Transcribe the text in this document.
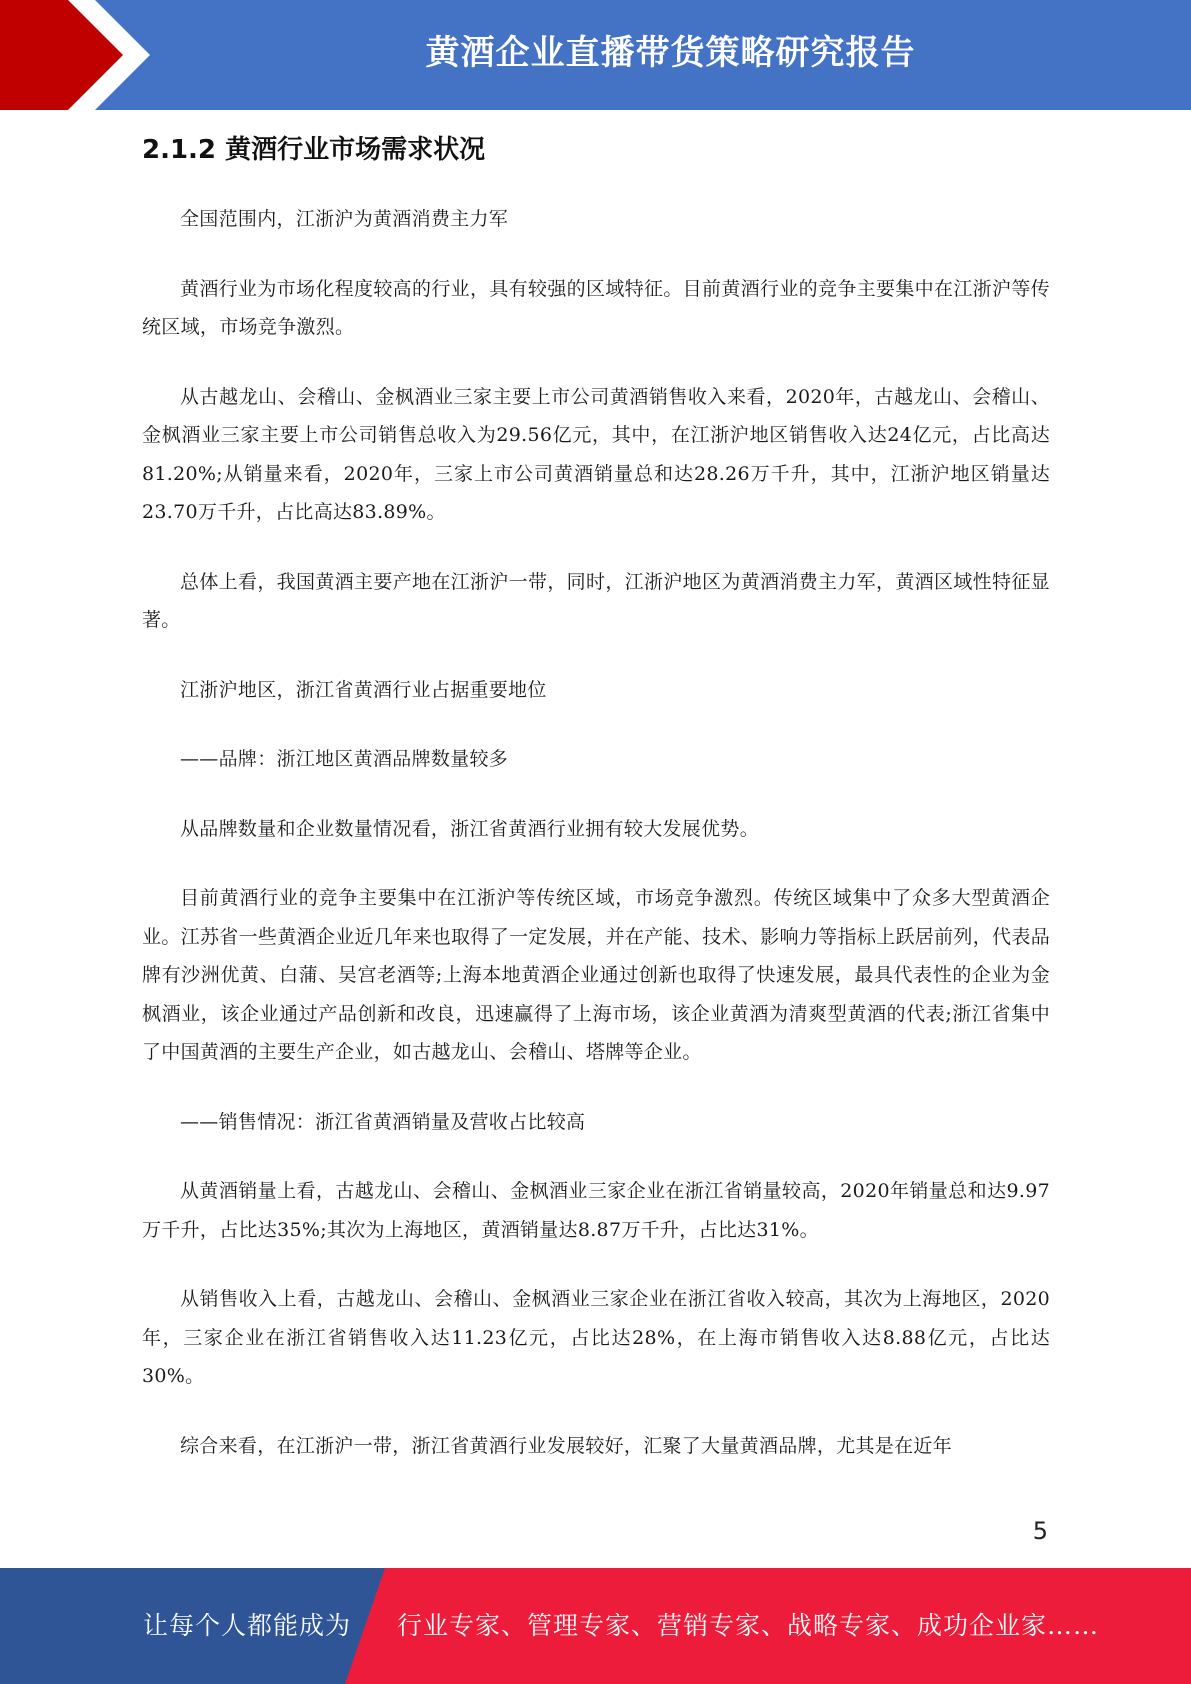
黄酒企业直播带货策略研究报告
2.1.2 黄酒行业市场需求状况

全国范围内，江浙沪为黄酒消费主力军

黄酒行业为市场化程度较高的行业，具有较强的区域特征。目前黄酒行业的竞争主要集中在江浙沪等传统区域，市场竞争激烈。

从古越龙山、会稽山、金枫酒业三家主要上市公司黄酒销售收入来看，2020年，古越龙山、会稽山、金枫酒业三家主要上市公司销售总收入为29.56亿元，其中，在江浙沪地区销售收入达24亿元，占比高达81.20%;从销量来看，2020年，三家上市公司黄酒销量总和达28.26万千升，其中，江浙沪地区销量达23.70万千升，占比高达83.89%。

总体上看，我国黄酒主要产地在江浙沪一带，同时，江浙沪地区为黄酒消费主力军，黄酒区域性特征显著。

江浙沪地区，浙江省黄酒行业占据重要地位

——品牌：浙江地区黄酒品牌数量较多

从品牌数量和企业数量情况看，浙江省黄酒行业拥有较大发展优势。

目前黄酒行业的竞争主要集中在江浙沪等传统区域，市场竞争激烈。传统区域集中了众多大型黄酒企业。江苏省一些黄酒企业近几年来也取得了一定发展，并在产能、技术、影响力等指标上跃居前列，代表品牌有沙洲优黄、白蒲、吴宫老酒等;上海本地黄酒企业通过创新也取得了快速发展，最具代表性的企业为金枫酒业，该企业通过产品创新和改良，迅速赢得了上海市场，该企业黄酒为清爽型黄酒的代表;浙江省集中了中国黄酒的主要生产企业，如古越龙山、会稽山、塔牌等企业。

——销售情况：浙江省黄酒销量及营收占比较高

从黄酒销量上看，古越龙山、会稽山、金枫酒业三家企业在浙江省销量较高，2020年销量总和达9.97万千升，占比达35%;其次为上海地区，黄酒销量达8.87万千升，占比达31%。

从销售收入上看，古越龙山、会稽山、金枫酒业三家企业在浙江省收入较高，其次为上海地区，2020年，三家企业在浙江省销售收入达11.23亿元，占比达28%，在上海市销售收入达8.88亿元，占比达30%。

综合来看，在江浙沪一带，浙江省黄酒行业发展较好，汇聚了大量黄酒品牌，尤其是在近年

5
让每个人都能成为 行业专家、管理专家、营销专家、战略专家、成功企业家……
